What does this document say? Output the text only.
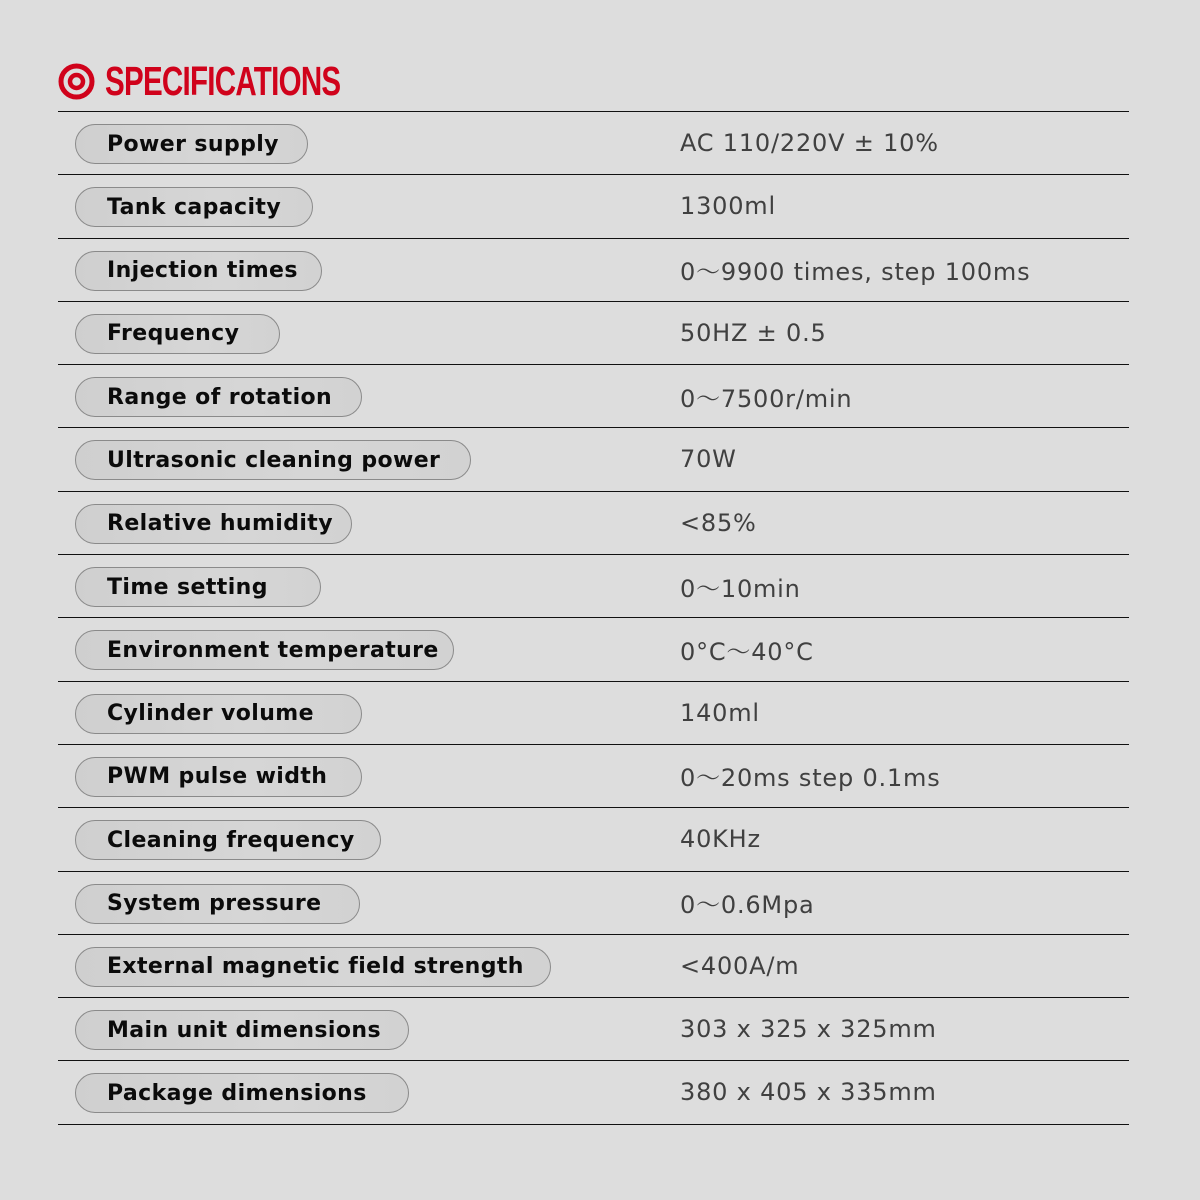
SPECIFICATIONS
Power supply	AC 110/220V ± 10%
Tank capacity	1300ml
Injection times	0～9900 times, step 100ms
Frequency	50HZ ± 0.5
Range of rotation	0～7500r/min
Ultrasonic cleaning power	70W
Relative humidity	<85%
Time setting	0～10min
Environment temperature	0°C～40°C
Cylinder volume	140ml
PWM pulse width	0～20ms step 0.1ms
Cleaning frequency	40KHz
System pressure	0～0.6Mpa
External magnetic field strength	<400A/m
Main unit dimensions	303 x 325 x 325mm
Package dimensions	380 x 405 x 335mm
